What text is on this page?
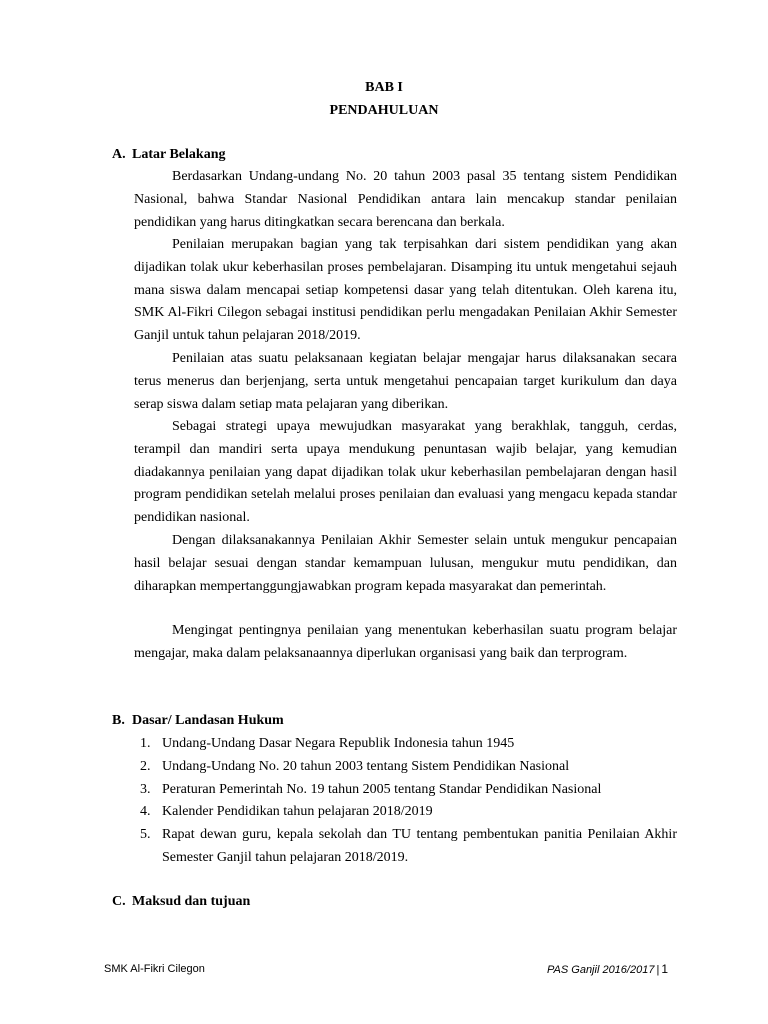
BAB I
PENDAHULUAN
A. Latar Belakang

Berdasarkan Undang-undang No. 20 tahun 2003 pasal 35 tentang sistem Pendidikan Nasional, bahwa Standar Nasional Pendidikan antara lain mencakup standar penilaian pendidikan yang harus ditingkatkan secara berencana dan berkala.

Penilaian merupakan bagian yang tak terpisahkan dari sistem pendidikan yang akan dijadikan tolak ukur keberhasilan proses pembelajaran. Disamping itu untuk mengetahui sejauh mana siswa dalam mencapai setiap kompetensi dasar yang telah ditentukan. Oleh karena itu, SMK Al-Fikri Cilegon sebagai institusi pendidikan perlu mengadakan Penilaian Akhir Semester Ganjil untuk tahun pelajaran 2018/2019.

Penilaian atas suatu pelaksanaan kegiatan belajar mengajar harus dilaksanakan secara terus menerus dan berjenjang, serta untuk mengetahui pencapaian target kurikulum dan daya serap siswa dalam setiap mata pelajaran yang diberikan.

Sebagai strategi upaya mewujudkan masyarakat yang berakhlak, tangguh, cerdas, terampil dan mandiri serta upaya mendukung penuntasan wajib belajar, yang kemudian diadakannya penilaian yang dapat dijadikan tolak ukur keberhasilan pembelajaran dengan hasil program pendidikan setelah melalui proses penilaian dan evaluasi yang mengacu kepada standar pendidikan nasional.

Dengan dilaksanakannya Penilaian Akhir Semester selain untuk mengukur pencapaian hasil belajar sesuai dengan standar kemampuan lulusan, mengukur mutu pendidikan, dan diharapkan mempertanggungjawabkan program kepada masyarakat dan pemerintah.

Mengingat pentingnya penilaian yang menentukan keberhasilan suatu program belajar mengajar, maka dalam pelaksanaannya diperlukan organisasi yang baik dan terprogram.

B. Dasar/ Landasan Hukum
1. Undang-Undang Dasar Negara Republik Indonesia tahun 1945
2. Undang-Undang No. 20 tahun 2003 tentang Sistem Pendidikan Nasional
3. Peraturan Pemerintah No. 19 tahun 2005 tentang Standar Pendidikan Nasional
4. Kalender Pendidikan tahun pelajaran 2018/2019
5. Rapat dewan guru, kepala sekolah dan TU tentang pembentukan panitia Penilaian Akhir Semester Ganjil tahun pelajaran 2018/2019.
C. Maksud dan tujuan
SMK Al-Fikri Cilegon	PAS Ganjil 2016/2017 | 1
